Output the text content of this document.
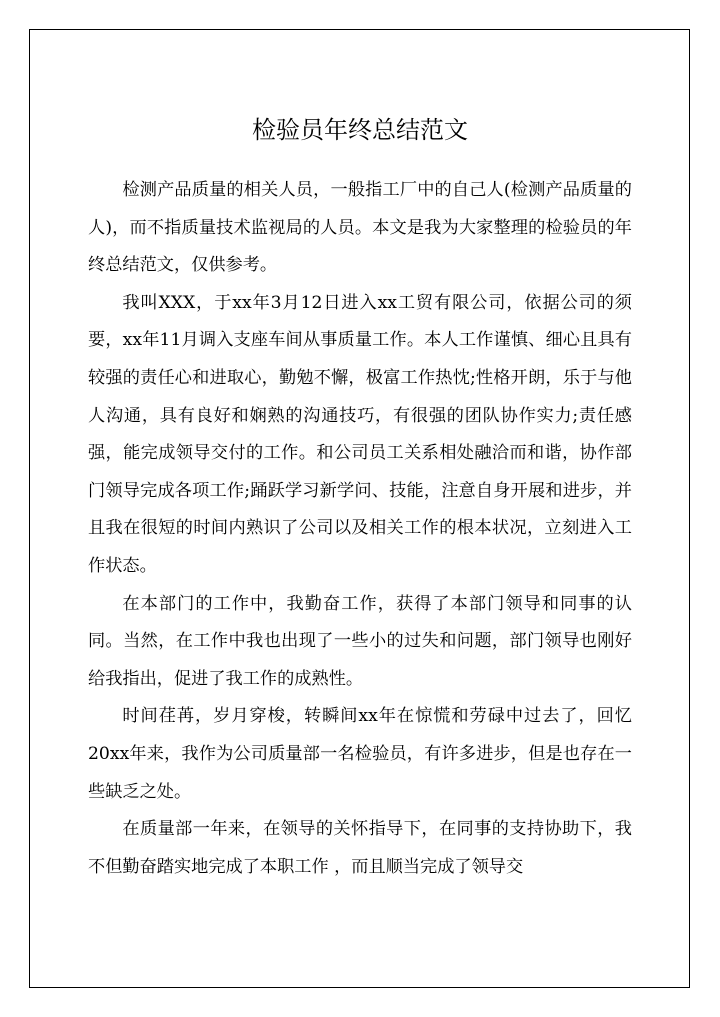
检验员年终总结范文

检测产品质量的相关人员，一般指工厂中的自己人(检测产品质量的人)，而不指质量技术监视局的人员。本文是我为大家整理的检验员的年终总结范文，仅供参考。

我叫XXX，于xx年3月12日进入xx工贸有限公司，依据公司的须要，xx年11月调入支座车间从事质量工作。本人工作谨慎、细心且具有较强的责任心和进取心，勤勉不懈，极富工作热忱;性格开朗，乐于与他人沟通，具有良好和娴熟的沟通技巧，有很强的团队协作实力;责任感强，能完成领导交付的工作。和公司员工关系相处融洽而和谐，协作部门领导完成各项工作;踊跃学习新学问、技能，注意自身开展和进步，并且我在很短的时间内熟识了公司以及相关工作的根本状况，立刻进入工作状态。

在本部门的工作中，我勤奋工作，获得了本部门领导和同事的认同。当然，在工作中我也出现了一些小的过失和问题，部门领导也刚好给我指出，促进了我工作的成熟性。

时间荏苒，岁月穿梭，转瞬间xx年在惊慌和劳碌中过去了，回忆20xx年来，我作为公司质量部一名检验员，有许多进步，但是也存在一些缺乏之处。

在质量部一年来，在领导的关怀指导下，在同事的支持协助下，我不但勤奋踏实地完成了本职工作 ，而且顺当完成了领导交
